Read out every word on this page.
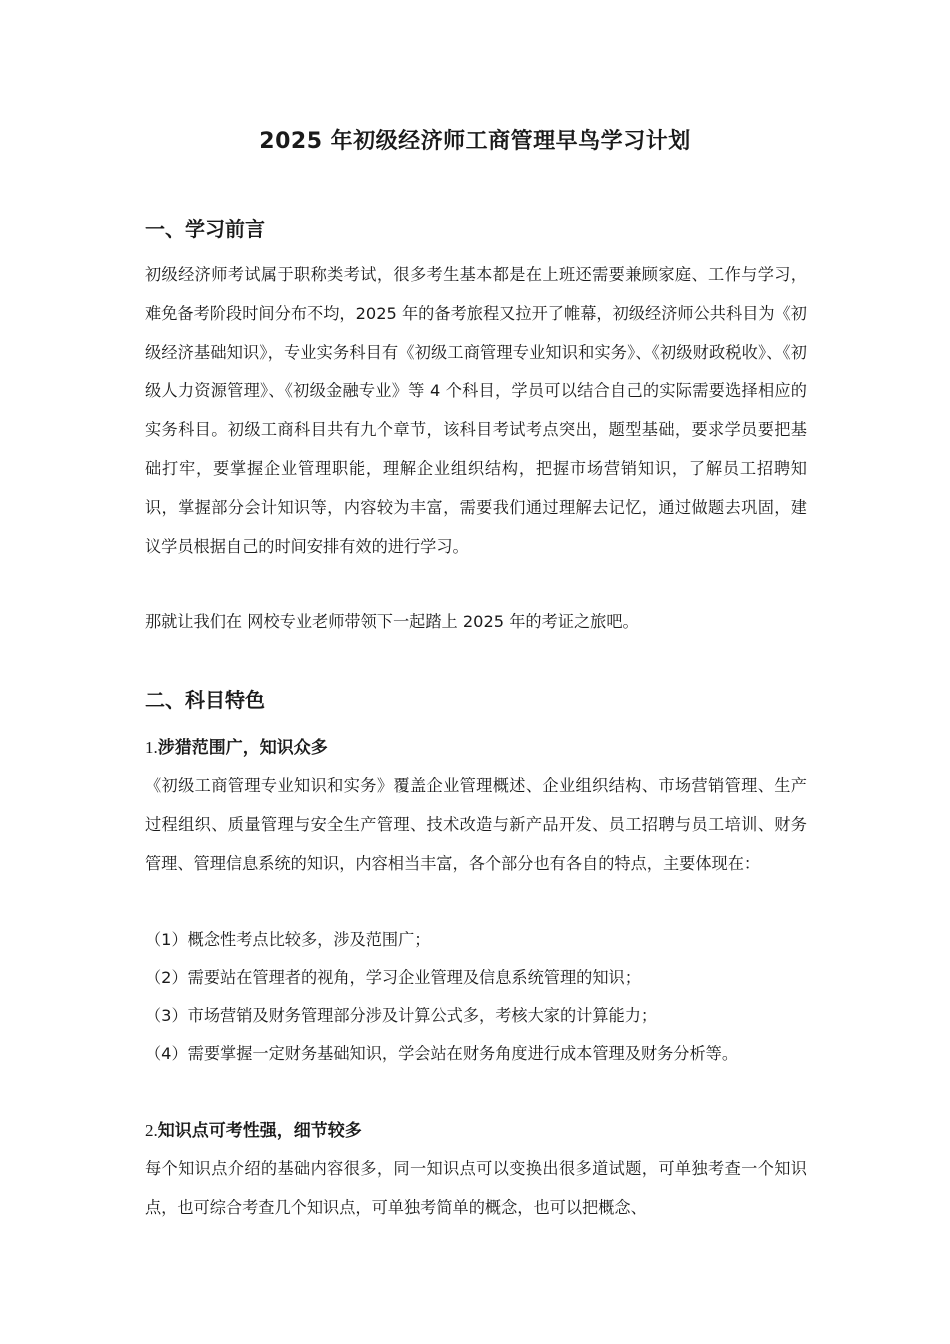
2025 年初级经济师工商管理早鸟学习计划
一、学习前言

初级经济师考试属于职称类考试，很多考生基本都是在上班还需要兼顾家庭、工作与学习，难免备考阶段时间分布不均，2025 年的备考旅程又拉开了帷幕，初级经济师公共科目为《初级经济基础知识》，专业实务科目有《初级工商管理专业知识和实务》、《初级财政税收》、《初级人力资源管理》、《初级金融专业》等 4 个科目，学员可以结合自己的实际需要选择相应的实务科目。初级工商科目共有九个章节，该科目考试考点突出，题型基础，要求学员要把基础打牢，要掌握企业管理职能，理解企业组织结构，把握市场营销知识，了解员工招聘知识，掌握部分会计知识等，内容较为丰富，需要我们通过理解去记忆，通过做题去巩固，建议学员根据自己的时间安排有效的进行学习。

那就让我们在 网校专业老师带领下一起踏上 2025 年的考证之旅吧。
二、科目特色
1.涉猎范围广，知识众多

《初级工商管理专业知识和实务》覆盖企业管理概述、企业组织结构、市场营销管理、生产过程组织、质量管理与安全生产管理、技术改造与新产品开发、员工招聘与员工培训、财务管理、管理信息系统的知识，内容相当丰富，各个部分也有各自的特点，主要体现在：

（1）概念性考点比较多，涉及范围广；
（2）需要站在管理者的视角，学习企业管理及信息系统管理的知识；
（3）市场营销及财务管理部分涉及计算公式多，考核大家的计算能力；

（4）需要掌握一定财务基础知识，学会站在财务角度进行成本管理及财务分析等。

2.知识点可考性强，细节较多

每个知识点介绍的基础内容很多，同一知识点可以变换出很多道试题，可单独考查一个知识点，也可综合考查几个知识点，可单独考简单的概念，也可以把概念、
